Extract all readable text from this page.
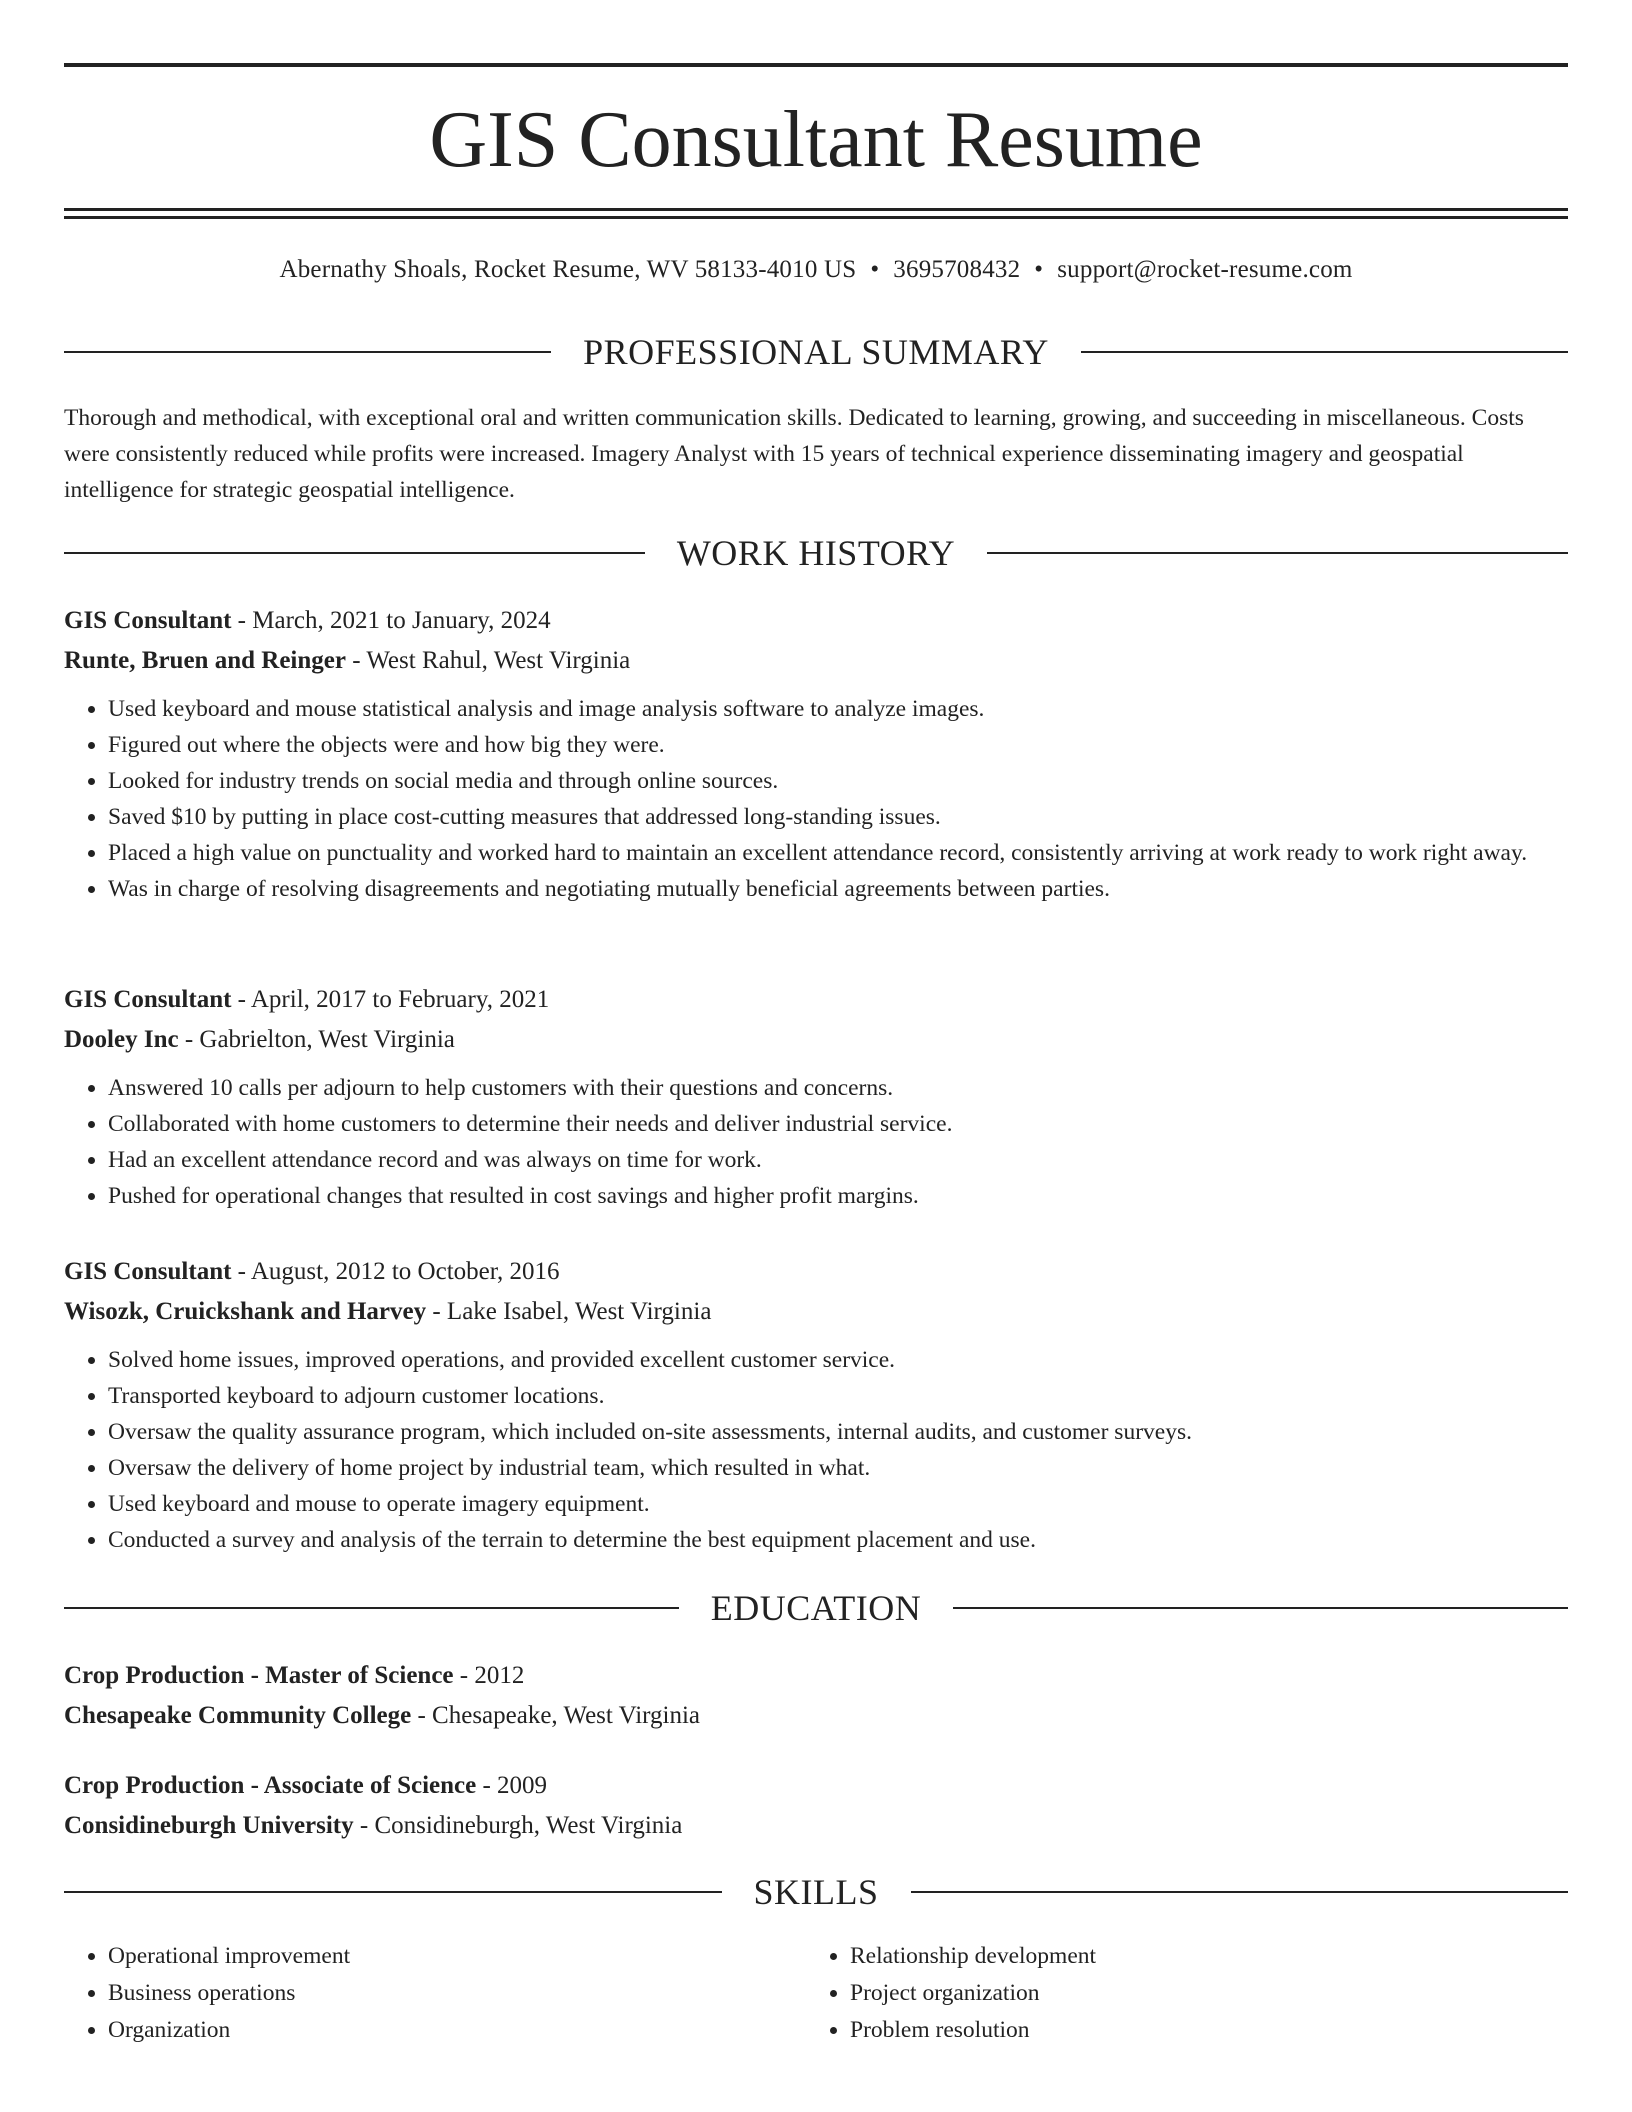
GIS Consultant Resume
Abernathy Shoals, Rocket Resume, WV 58133-4010 US • 3695708432 • support@rocket-resume.com
PROFESSIONAL SUMMARY

Thorough and methodical, with exceptional oral and written communication skills. Dedicated to learning, growing, and succeeding in miscellaneous. Costs were consistently reduced while profits were increased. Imagery Analyst with 15 years of technical experience disseminating imagery and geospatial intelligence for strategic geospatial intelligence.

WORK HISTORY
GIS Consultant - March, 2021 to January, 2024
Runte, Bruen and Reinger - West Rahul, West Virginia
• Used keyboard and mouse statistical analysis and image analysis software to analyze images.
• Figured out where the objects were and how big they were.
• Looked for industry trends on social media and through online sources.
• Saved $10 by putting in place cost-cutting measures that addressed long-standing issues.
• Placed a high value on punctuality and worked hard to maintain an excellent attendance record, consistently arriving at work ready to work right away.
• Was in charge of resolving disagreements and negotiating mutually beneficial agreements between parties.
GIS Consultant - April, 2017 to February, 2021
Dooley Inc - Gabrielton, West Virginia
• Answered 10 calls per adjourn to help customers with their questions and concerns.
• Collaborated with home customers to determine their needs and deliver industrial service.
• Had an excellent attendance record and was always on time for work.
• Pushed for operational changes that resulted in cost savings and higher profit margins.
GIS Consultant - August, 2012 to October, 2016
Wisozk, Cruickshank and Harvey - Lake Isabel, West Virginia
• Solved home issues, improved operations, and provided excellent customer service.
• Transported keyboard to adjourn customer locations.
• Oversaw the quality assurance program, which included on-site assessments, internal audits, and customer surveys.
• Oversaw the delivery of home project by industrial team, which resulted in what.
• Used keyboard and mouse to operate imagery equipment.
• Conducted a survey and analysis of the terrain to determine the best equipment placement and use.
EDUCATION
Crop Production - Master of Science - 2012
Chesapeake Community College - Chesapeake, West Virginia
Crop Production - Associate of Science - 2009
Considineburgh University - Considineburgh, West Virginia
SKILLS
• Operational improvement
• Business operations
• Organization
• Relationship development
• Project organization
• Problem resolution
